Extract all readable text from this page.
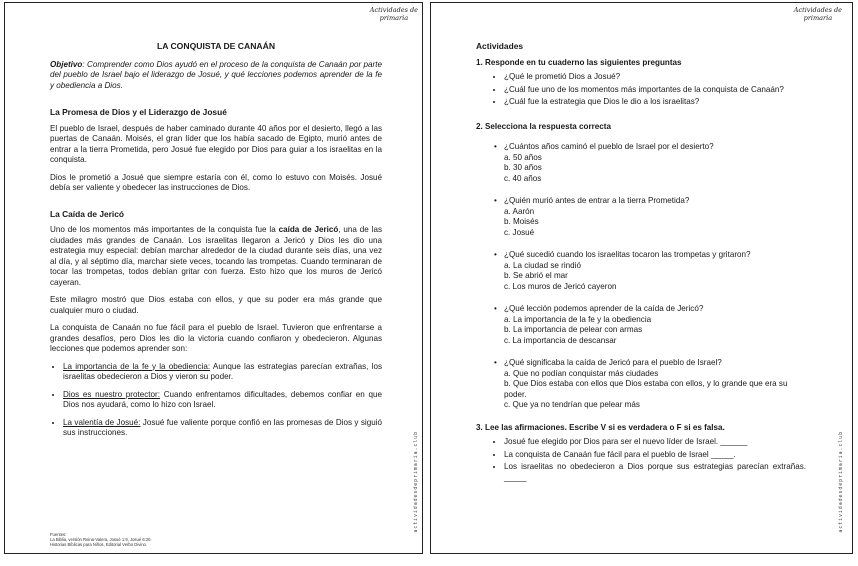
Actividades de
primaria
actividadesdeprimaria.club
LA CONQUISTA DE CANAÁN

Objetivo: Comprender como Dios ayudó en el proceso de la conquista de Canaán por parte del pueblo de Israel bajo el liderazgo de Josué, y qué lecciones podemos aprender de la fe y obediencia a Dios.

La Promesa de Dios y el Liderazgo de Josué

El pueblo de Israel, después de haber caminado durante 40 años por el desierto, llegó a las puertas de Canaán. Moisés, el gran líder que los había sacado de Egipto, murió antes de entrar a la tierra Prometida, pero Josué fue elegido por Dios para guiar a los israelitas en la conquista.

Dios le prometió a Josué que siempre estaría con él, como lo estuvo con Moisés. Josué debía ser valiente y obedecer las instrucciones de Dios.

La Caída de Jericó

Uno de los momentos más importantes de la conquista fue la caída de Jericó, una de las ciudades más grandes de Canaán. Los israelitas llegaron a Jericó y Dios les dio una estrategia muy especial: debían marchar alrededor de la ciudad durante seis días, una vez al día, y al séptimo día, marchar siete veces, tocando las trompetas. Cuando terminaran de tocar las trompetas, todos debían gritar con fuerza. Esto hizo que los muros de Jericó cayeran.

Este milagro mostró que Dios estaba con ellos, y que su poder era más grande que cualquier muro o ciudad.

La conquista de Canaán no fue fácil para el pueblo de Israel. Tuvieron que enfrentarse a grandes desafíos, pero Dios les dio la victoria cuando confiaron y obedecieron. Algunas lecciones que podemos aprender son:

• La importancia de la fe y la obediencia: Aunque las estrategias parecían extrañas, los israelitas obedecieron a Dios y vieron su poder.
• Dios es nuestro protector: Cuando enfrentamos dificultades, debemos confiar en que Dios nos ayudará, como lo hizo con Israel.
• La valentía de Josué: Josué fue valiente porque confió en las promesas de Dios y siguió sus instrucciones.
Fuentes:
La Biblia, versión Reina-Valera, Josué 1:9, Josué 6:20.
Historias Bíblicas para Niños, Editorial Verbo Divino.
Actividades de
primaria
actividadesdeprimaria.club
Actividades
1. Responde en tu cuaderno las siguientes preguntas
• ¿Qué le prometió Dios a Josué?
• ¿Cuál fue uno de los momentos más importantes de la conquista de Canaán?
• ¿Cuál fue la estrategia que Dios le dio a los israelitas?
2. Selecciona la respuesta correcta
• ¿Cuántos años caminó el pueblo de Israel por el desierto?
a. 50 años
b. 30 años
c. 40 años
• ¿Quién murió antes de entrar a la tierra Prometida?
a. Aarón
b. Moisés
c. Josué
• ¿Qué sucedió cuando los israelitas tocaron las trompetas y gritaron?
a. La ciudad se rindió
b. Se abrió el mar
c. Los muros de Jericó cayeron
• ¿Qué lección podemos aprender de la caída de Jericó?
a. La importancia de la fe y la obediencia
b. La importancia de pelear con armas
c. La importancia de descansar
• ¿Qué significaba la caída de Jericó para el pueblo de Israel?
a. Que no podían conquistar más ciudades
b. Que Dios estaba con ellos que Dios estaba con ellos, y lo grande que era su poder.
c. Que ya no tendrían que pelear más
3. Lee las afirmaciones. Escribe V si es verdadera o F si es falsa.
• Josué fue elegido por Dios para ser el nuevo líder de Israel. ______
• La conquista de Canaán fue fácil para el pueblo de Israel _____.
• Los israelitas no obedecieron a Dios porque sus estrategias parecían extrañas. _____
